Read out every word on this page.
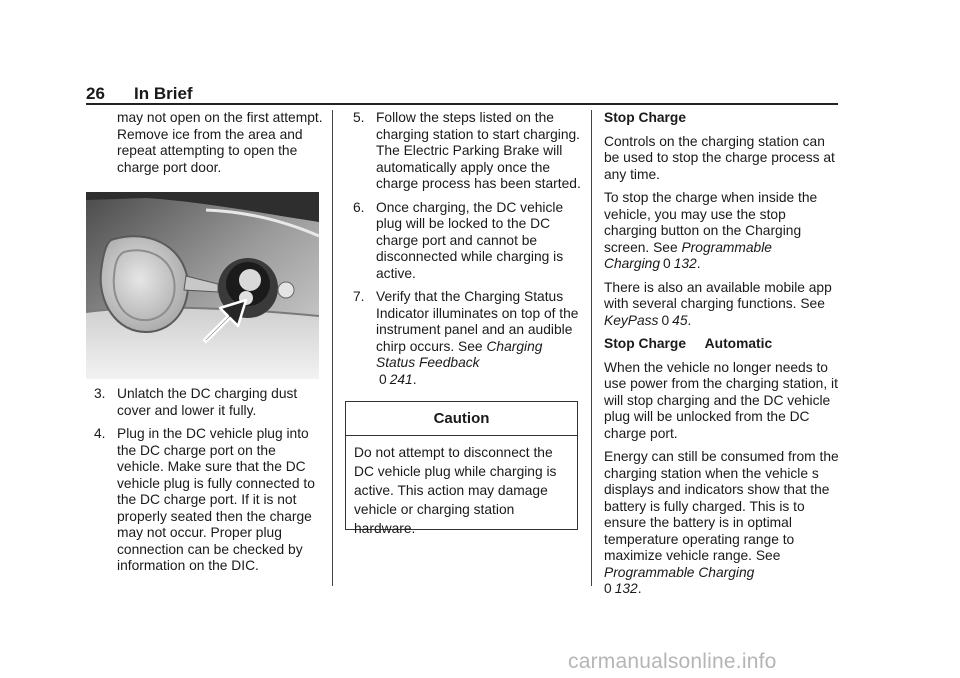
26 In Brief

may not open on the first attempt. Remove ice from the area and repeat attempting to open the charge port door.

3. Unlatch the DC charging dust cover and lower it fully.
4. Plug in the DC vehicle plug into the DC charge port on the vehicle. Make sure that the DC vehicle plug is fully connected to the DC charge port. If it is not properly seated then the charge may not occur. Proper plug connection can be checked by information on the DIC.
5. Follow the steps listed on the charging station to start charging. The Electric Parking Brake will automatically apply once the charge process has been started.
6. Once charging, the DC vehicle plug will be locked to the DC charge port and cannot be disconnected while charging is active.
7. Verify that the Charging Status Indicator illuminates on top of the instrument panel and an audible chirp occurs. See Charging Status Feedback
0 241.
Caution
Do not attempt to disconnect the DC vehicle plug while charging is active. This action may damage vehicle or charging station hardware.

Stop Charge

Controls on the charging station can be used to stop the charge process at any time.

To stop the charge when inside the vehicle, you may use the stop charging button on the Charging screen. See Programmable Charging 0 132.

There is also an available mobile app with several charging functions. See KeyPass 0 45.

Stop Charge     Automatic

When the vehicle no longer needs to use power from the charging station, it will stop charging and the DC vehicle plug will be unlocked from the DC charge port.

Energy can still be consumed from the charging station when the vehicle s displays and indicators show that the battery is fully charged. This is to ensure the battery is in optimal temperature operating range to maximize vehicle range. See Programmable Charging
0 132.

carmanualsonline.info
